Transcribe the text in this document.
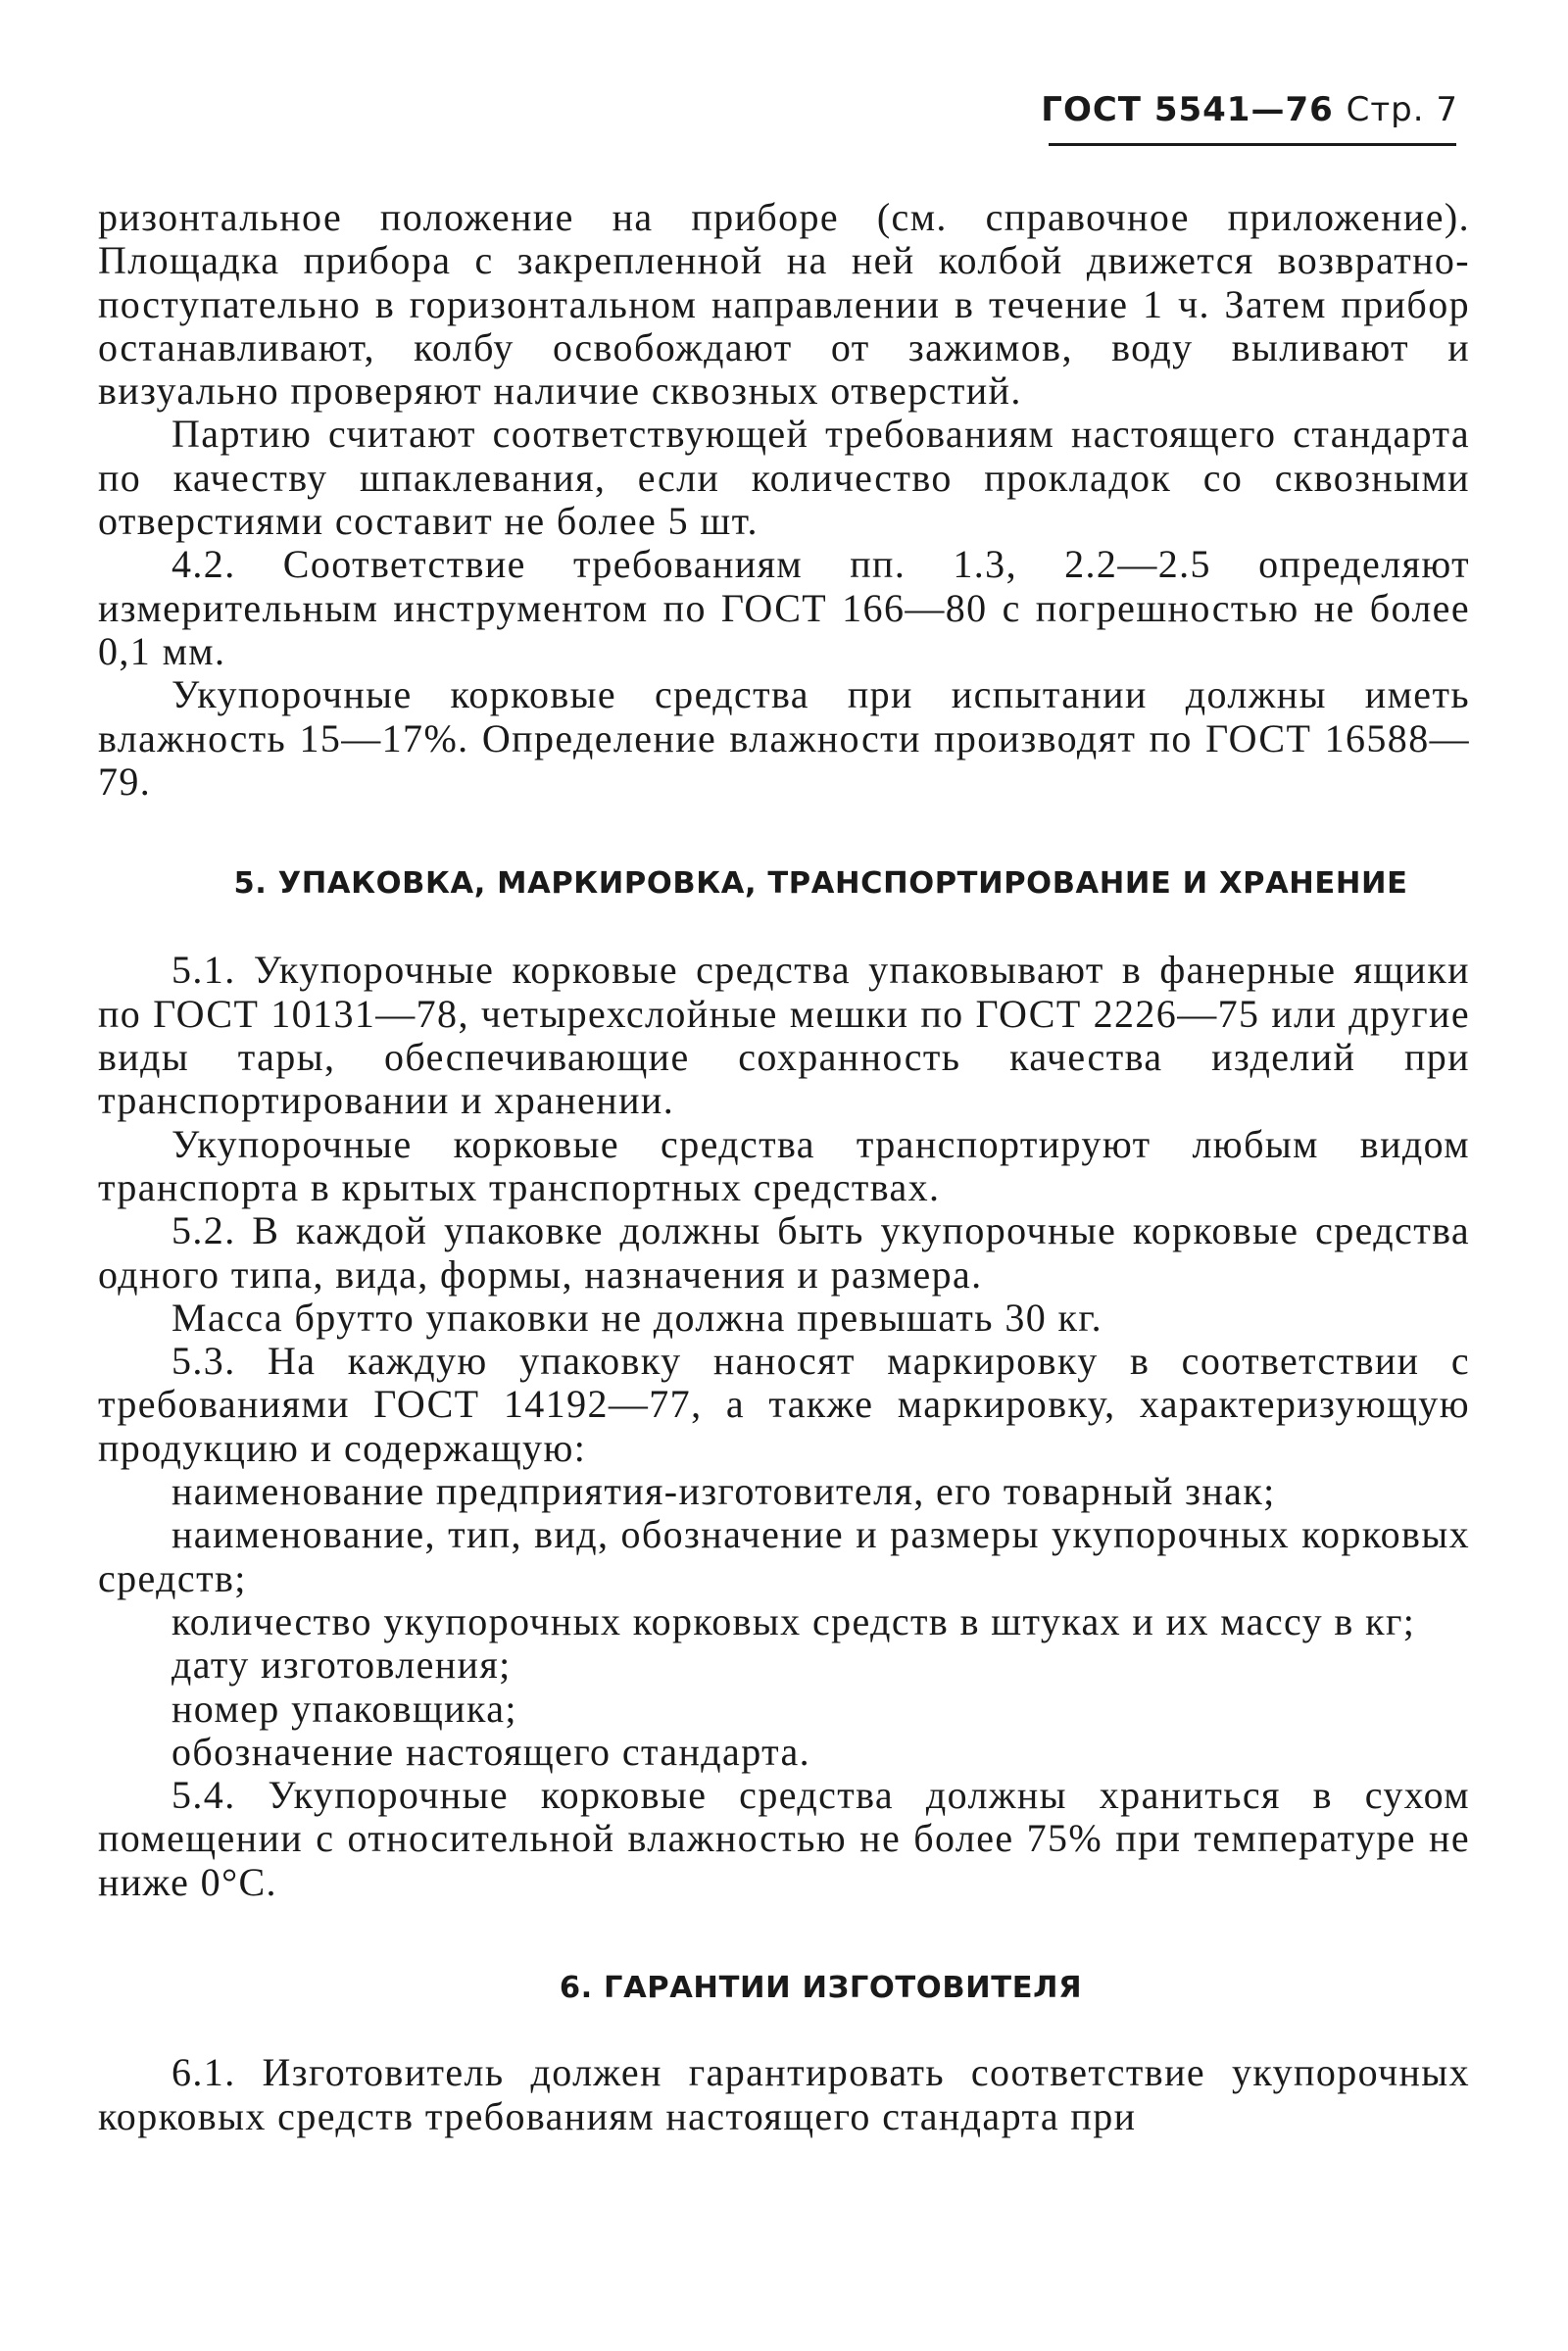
ГОСТ 5541—76 Стр. 7

ризонтальное положение на приборе (см. справочное приложение). Площадка прибора с закрепленной на ней колбой движется возвратно-поступательно в горизонтальном направлении в течение 1 ч. Затем прибор останавливают, колбу освобождают от зажимов, воду выливают и визуально проверяют наличие сквозных отверстий.

Партию считают соответствующей требованиям настоящего стандарта по качеству шпаклевания, если количество прокладок со сквозными отверстиями составит не более 5 шт.

4.2. Соответствие требованиям пп. 1.3, 2.2—2.5 определяют измерительным инструментом по ГОСТ 166—80 с погрешностью не более 0,1 мм.

Укупорочные корковые средства при испытании должны иметь влажность 15—17%. Определение влажности производят по ГОСТ 16588—79.

5. УПАКОВКА, МАРКИРОВКА, ТРАНСПОРТИРОВАНИЕ И ХРАНЕНИЕ

5.1. Укупорочные корковые средства упаковывают в фанерные ящики по ГОСТ 10131—78, четырехслойные мешки по ГОСТ 2226—75 или другие виды тары, обеспечивающие сохранность качества изделий при транспортировании и хранении.

Укупорочные корковые средства транспортируют любым видом транспорта в крытых транспортных средствах.

5.2. В каждой упаковке должны быть укупорочные корковые средства одного типа, вида, формы, назначения и размера.

Масса брутто упаковки не должна превышать 30 кг.

5.3. На каждую упаковку наносят маркировку в соответствии с требованиями ГОСТ 14192—77, а также маркировку, характеризующую продукцию и содержащую:

наименование предприятия-изготовителя, его товарный знак;

наименование, тип, вид, обозначение и размеры укупорочных корковых средств;

количество укупорочных корковых средств в штуках и их массу в кг;

дату изготовления;

номер упаковщика;

обозначение настоящего стандарта.

5.4. Укупорочные корковые средства должны храниться в сухом помещении с относительной влажностью не более 75% при температуре не ниже 0°С.

6. ГАРАНТИИ ИЗГОТОВИТЕЛЯ

6.1. Изготовитель должен гарантировать соответствие укупорочных корковых средств требованиям настоящего стандарта при
